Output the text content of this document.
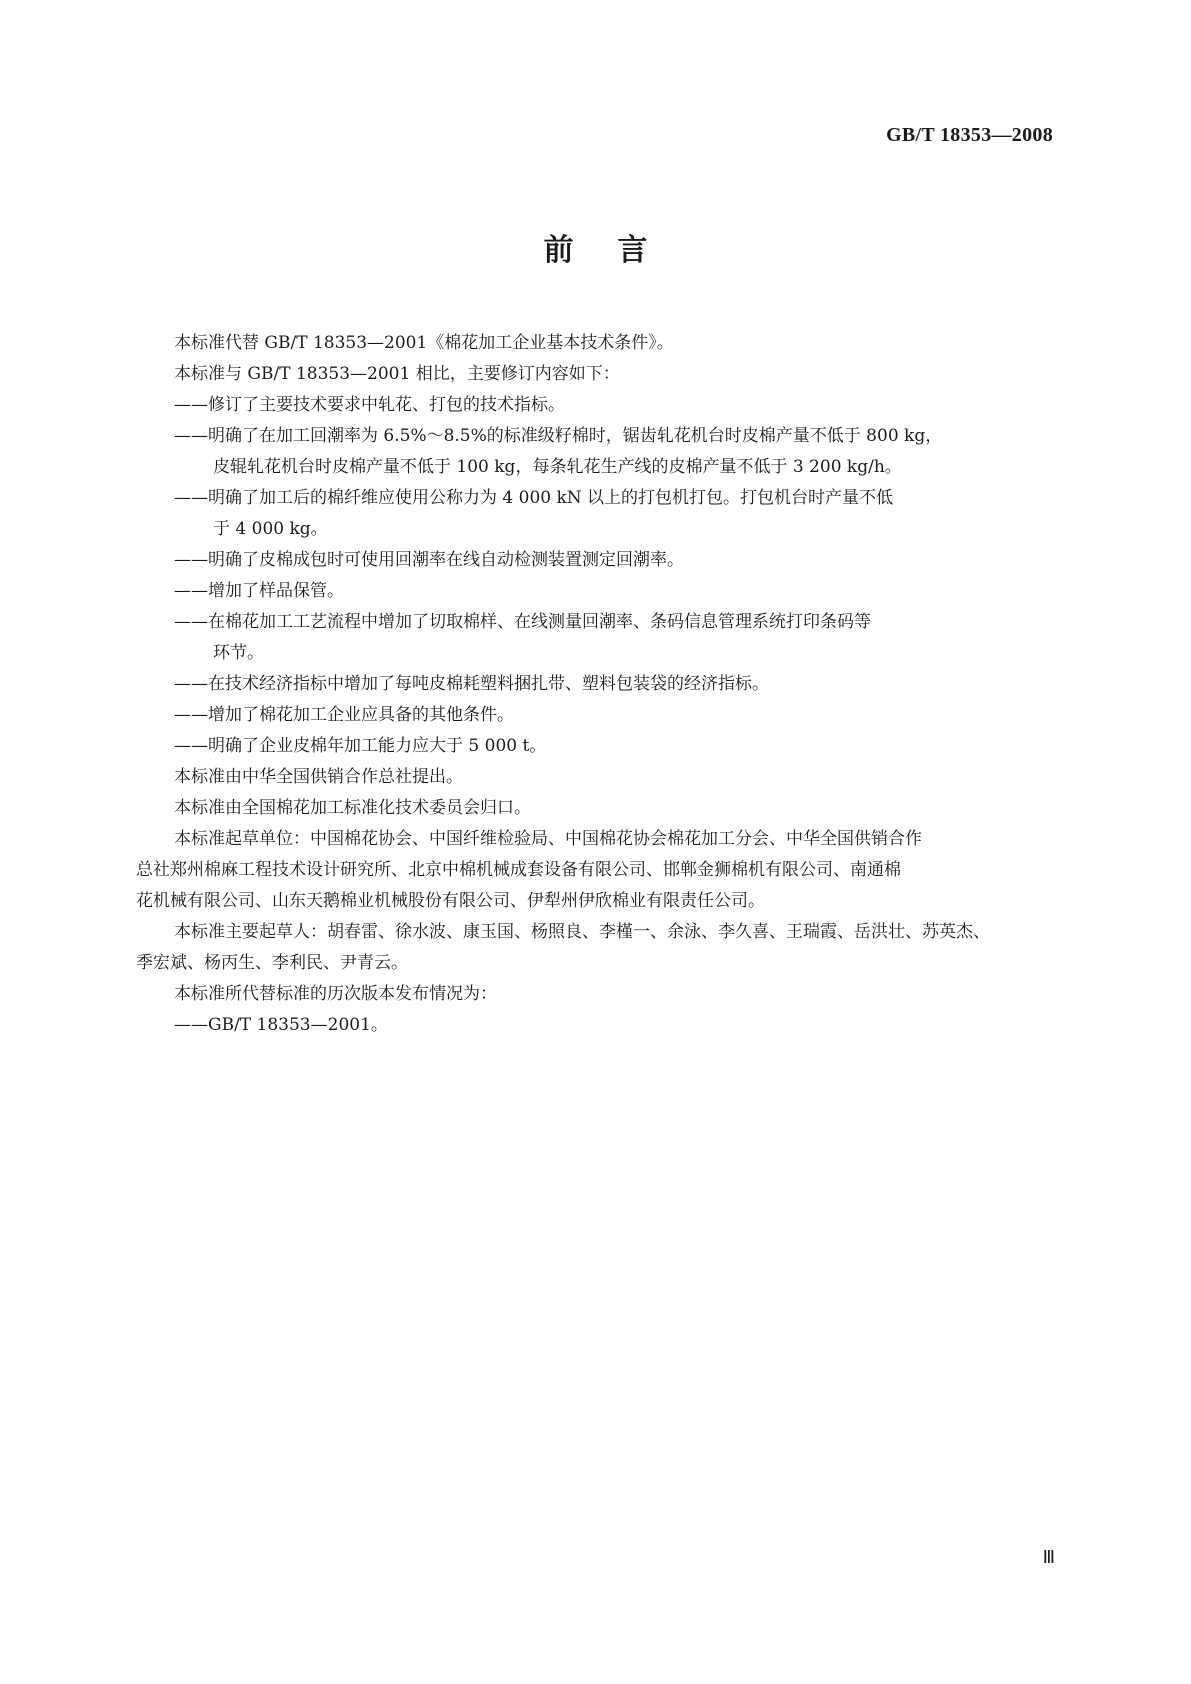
GB/T 18353—2008
前言
本标准代替 GB/T 18353—2001《棉花加工企业基本技术条件》。
本标准与 GB/T 18353—2001 相比，主要修订内容如下：
——修订了主要技术要求中轧花、打包的技术指标。
——明确了在加工回潮率为 6.5%～8.5%的标准级籽棉时，锯齿轧花机台时皮棉产量不低于 800 kg，
皮辊轧花机台时皮棉产量不低于 100 kg，每条轧花生产线的皮棉产量不低于 3 200 kg/h。
——明确了加工后的棉纤维应使用公称力为 4 000 kN 以上的打包机打包。打包机台时产量不低
于 4 000 kg。
——明确了皮棉成包时可使用回潮率在线自动检测装置测定回潮率。
——增加了样品保管。
——在棉花加工工艺流程中增加了切取棉样、在线测量回潮率、条码信息管理系统打印条码等
环节。
——在技术经济指标中增加了每吨皮棉耗塑料捆扎带、塑料包装袋的经济指标。
——增加了棉花加工企业应具备的其他条件。
——明确了企业皮棉年加工能力应大于 5 000 t。
本标准由中华全国供销合作总社提出。
本标准由全国棉花加工标准化技术委员会归口。
本标准起草单位：中国棉花协会、中国纤维检验局、中国棉花协会棉花加工分会、中华全国供销合作
总社郑州棉麻工程技术设计研究所、北京中棉机械成套设备有限公司、邯郸金狮棉机有限公司、南通棉
花机械有限公司、山东天鹅棉业机械股份有限公司、伊犁州伊欣棉业有限责任公司。
本标准主要起草人：胡春雷、徐水波、康玉国、杨照良、李槿一、余泳、李久喜、王瑞霞、岳洪壮、苏英杰、
季宏斌、杨丙生、李利民、尹青云。
本标准所代替标准的历次版本发布情况为：
——GB/T 18353—2001。
Ⅲ
